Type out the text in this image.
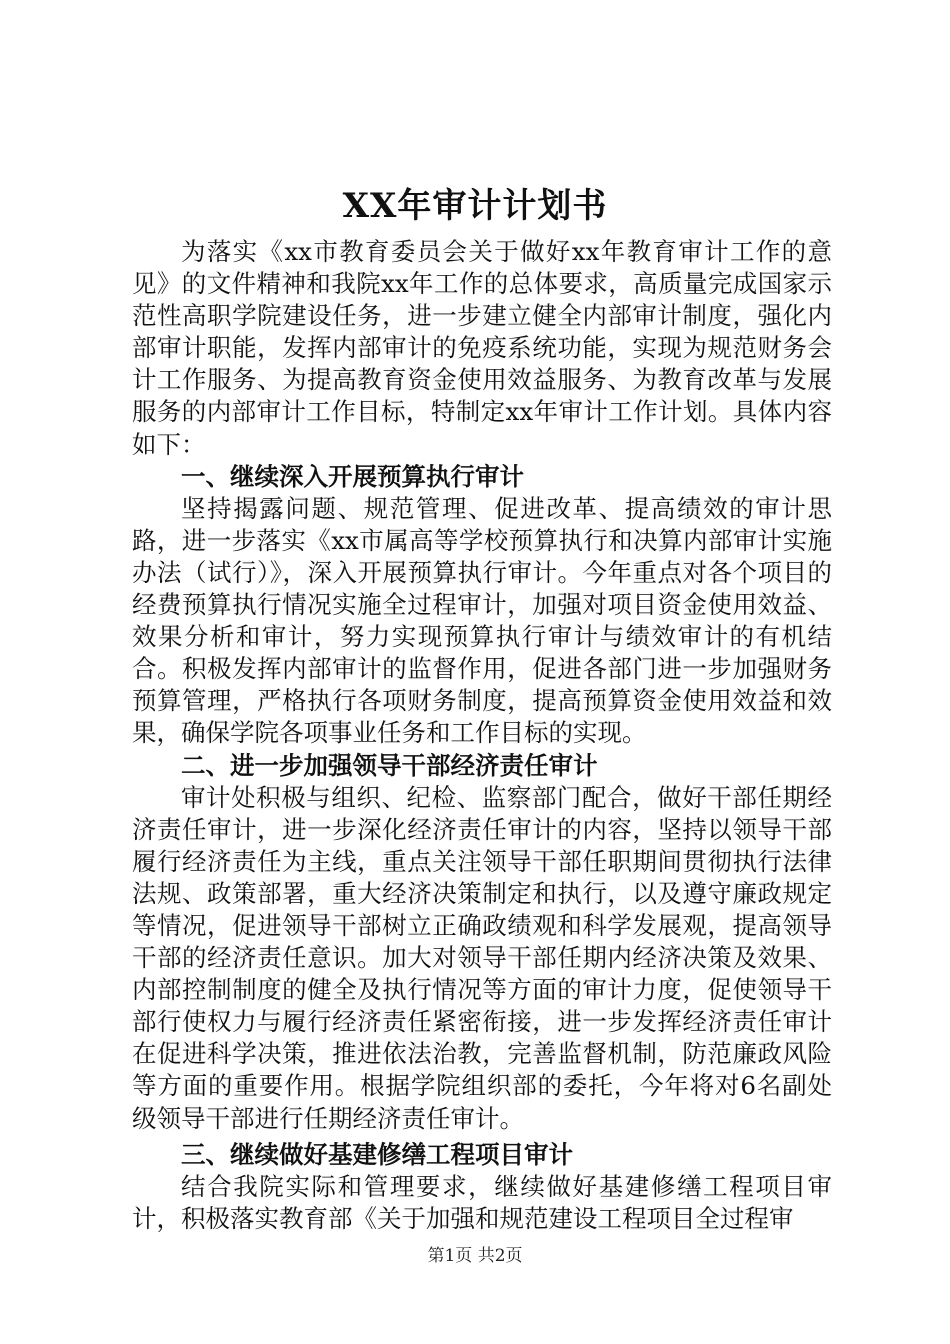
XX年审计计划书

为落实《xx市教育委员会关于做好xx年教育审计工作的意见》的文件精神和我院xx年工作的总体要求，高质量完成国家示范性高职学院建设任务，进一步建立健全内部审计制度，强化内部审计职能，发挥内部审计的免疫系统功能，实现为规范财务会计工作服务、为提高教育资金使用效益服务、为教育改革与发展服务的内部审计工作目标，特制定xx年审计工作计划。具体内容如下：

一、继续深入开展预算执行审计

坚持揭露问题、规范管理、促进改革、提高绩效的审计思路，进一步落实《xx市属高等学校预算执行和决算内部审计实施办法（试行）》，深入开展预算执行审计。今年重点对各个项目的经费预算执行情况实施全过程审计，加强对项目资金使用效益、效果分析和审计，努力实现预算执行审计与绩效审计的有机结合。积极发挥内部审计的监督作用，促进各部门进一步加强财务预算管理，严格执行各项财务制度，提高预算资金使用效益和效果，确保学院各项事业任务和工作目标的实现。

二、进一步加强领导干部经济责任审计

审计处积极与组织、纪检、监察部门配合，做好干部任期经济责任审计，进一步深化经济责任审计的内容，坚持以领导干部履行经济责任为主线，重点关注领导干部任职期间贯彻执行法律法规、政策部署，重大经济决策制定和执行，以及遵守廉政规定等情况，促进领导干部树立正确政绩观和科学发展观，提高领导干部的经济责任意识。加大对领导干部任期内经济决策及效果、内部控制制度的健全及执行情况等方面的审计力度，促使领导干部行使权力与履行经济责任紧密衔接，进一步发挥经济责任审计在促进科学决策，推进依法治教，完善监督机制，防范廉政风险等方面的重要作用。根据学院组织部的委托，今年将对6名副处级领导干部进行任期经济责任审计。

三、继续做好基建修缮工程项目审计

结合我院实际和管理要求，继续做好基建修缮工程项目审计，积极落实教育部《关于加强和规范建设工程项目全过程审

第1页 共2页
